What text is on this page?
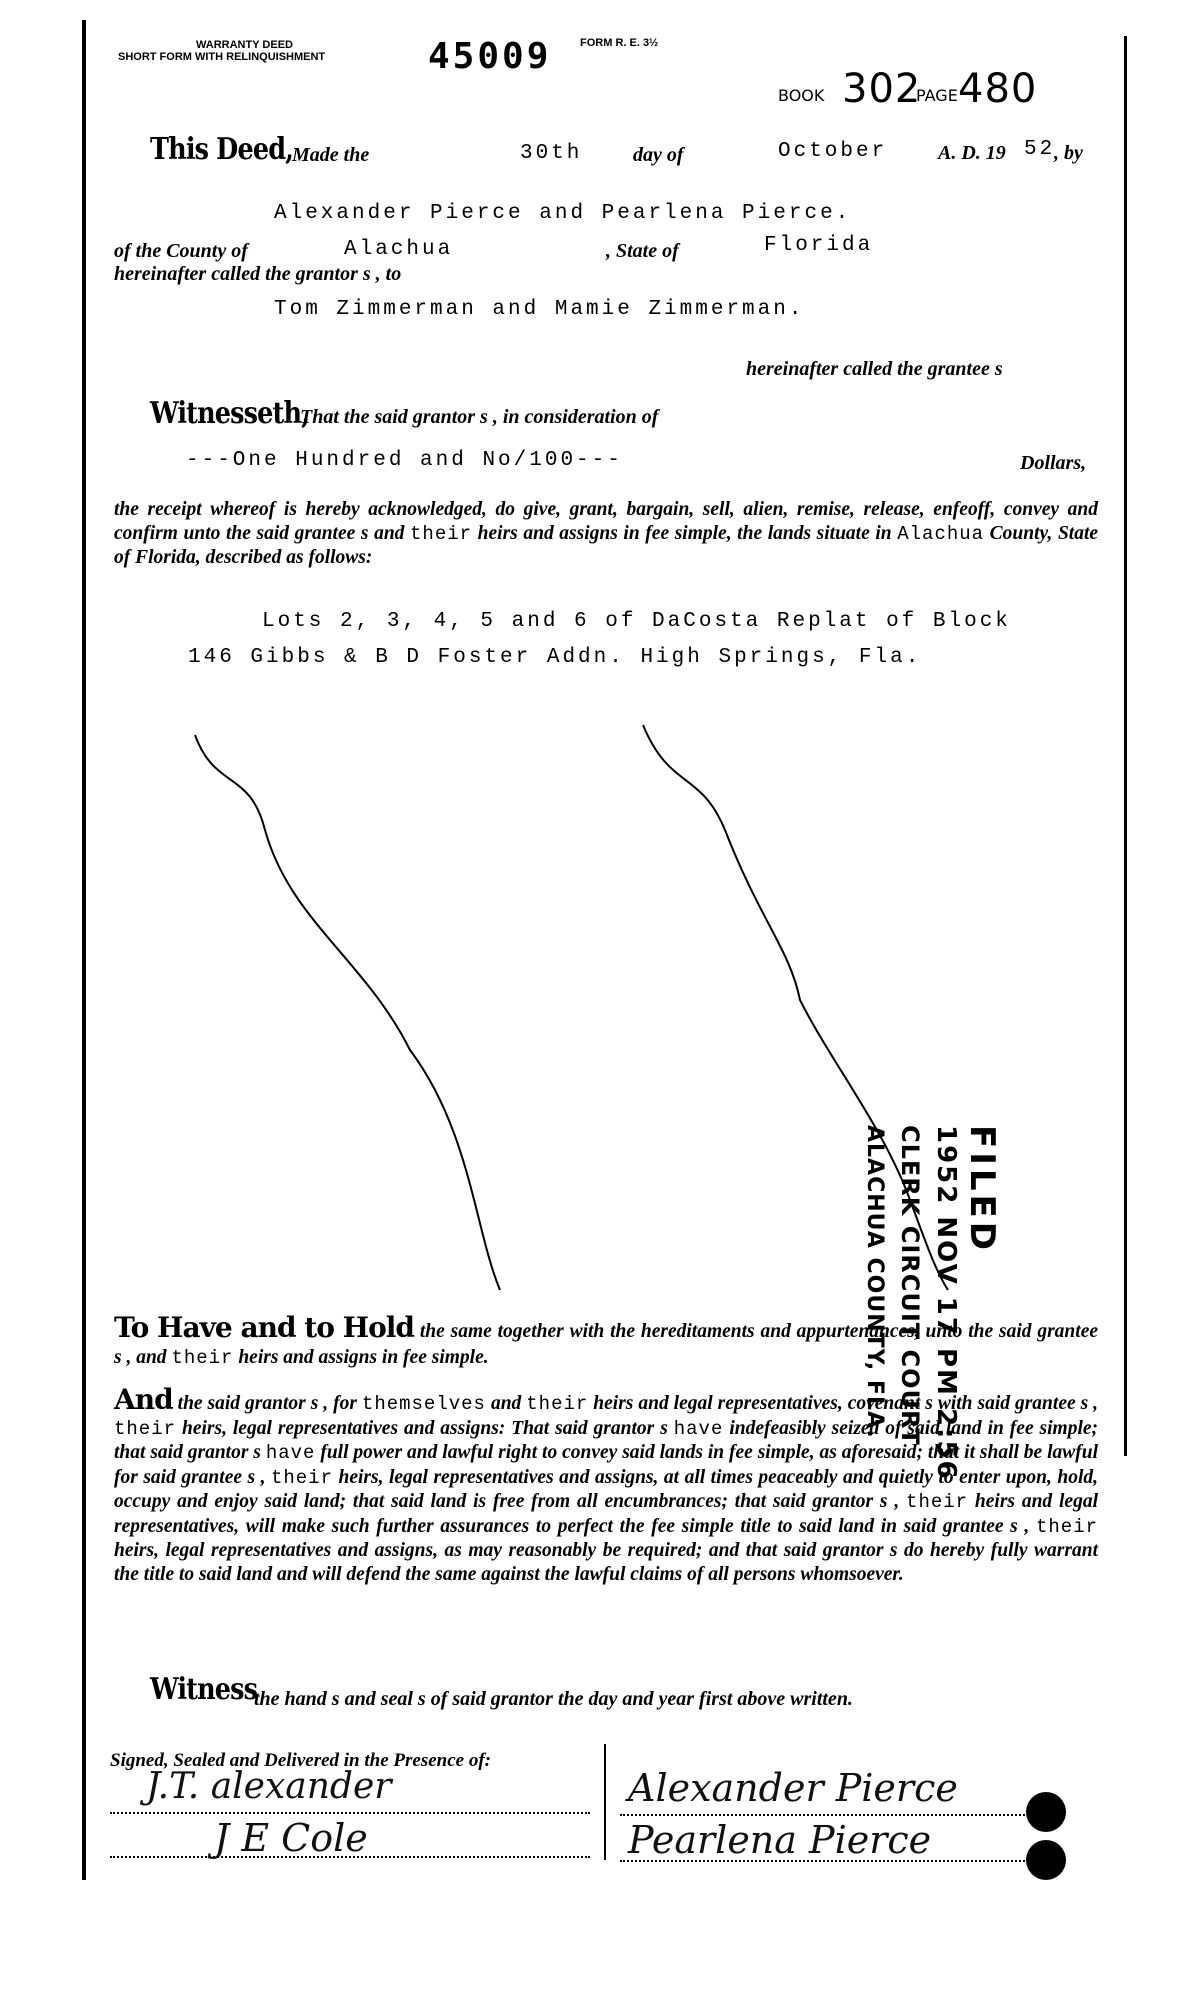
WARRANTY DEED
SHORT FORM WITH RELINQUISHMENT	45009	FORM R. E. 3½
BOOK 302
PAGE 480
This Deed,
Made the	30th	day of	October	A. D. 19 52
, by
Alexander Pierce and Pearlena Pierce.
of the County of	Alachua	, State of	Florida
hereinafter called the grantor s , to
Tom Zimmerman and Mamie Zimmerman.
hereinafter called the grantee s
Witnesseth,
That the said grantor s , in consideration of
---One Hundred and No/100---	Dollars,
the receipt whereof is hereby acknowledged, do give, grant, bargain, sell, alien, remise, release, enfeoff, convey and confirm unto the said grantee s and their heirs and assigns in fee simple, the lands situate in Alachua County, State of Florida, described as follows:
Lots 2, 3, 4, 5 and 6 of DaCosta Replat of Block
146 Gibbs & B D Foster Addn. High Springs, Fla.
FILED
1952 NOV 17 PM 2:56
CLERK CIRCUIT COURT
ALACHUA COUNTY, FLA.
To Have and to Hold the same together with the hereditaments and appurtenances, unto the said grantee s , and their heirs and assigns in fee simple.
And the said grantor s , for themselves and their heirs and legal representatives, covenant s with said grantee s , their heirs, legal representatives and assigns: That said grantor s have indefeasibly seized of said land in fee simple; that said grantor s have full power and lawful right to convey said lands in fee simple, as aforesaid; that it shall be lawful for said grantee s , their heirs, legal representatives and assigns, at all times peaceably and quietly to enter upon, hold, occupy and enjoy said land; that said land is free from all encumbrances; that said grantor s , their heirs and legal representatives, will make such further assurances to perfect the fee simple title to said land in said grantee s , their heirs, legal representatives and assigns, as may reasonably be required; and that said grantor s do hereby fully warrant the title to said land and will defend the same against the lawful claims of all persons whomsoever.
Witness
the hand s and seal s of said grantor the day and year first above written.
Signed, Sealed and Delivered in the Presence of:
J.T. alexander
J E Cole
Alexander Pierce
Pearlena Pierce
